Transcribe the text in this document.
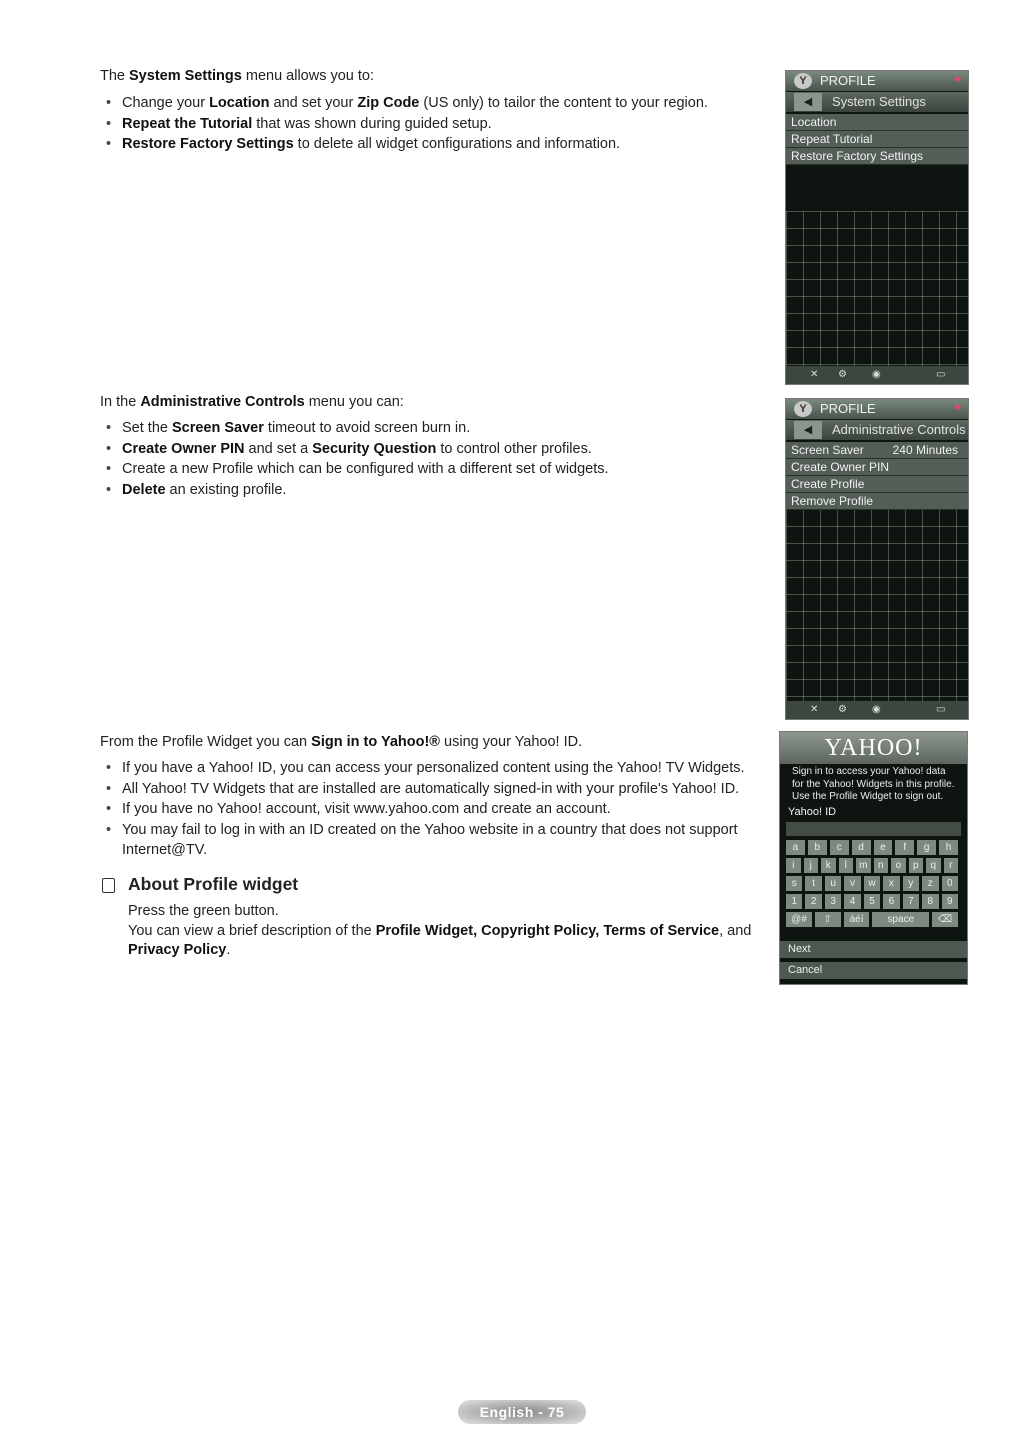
The System Settings menu allows you to:
• Change your Location and set your Zip Code (US only) to tailor the content to your region.
• Repeat the Tutorial that was shown during guided setup.
• Restore Factory Settings to delete all widget configurations and information.
PROFILE
Y	★
System Settings
◀
Location
Repeat Tutorial
Restore Factory Settings
✕ ⚙	◉	▭
In the Administrative Controls menu you can:
• Set the Screen Saver timeout to avoid screen burn in.
• Create Owner PIN and set a Security Question to control other profiles.
• Create a new Profile which can be configured with a different set of widgets.
• Delete an existing profile.
PROFILE
Y	★
Administrative Controls
◀
Screen Saver 240 Minutes
Create Owner PIN
Create Profile
Remove Profile
✕ ⚙	◉	▭
From the Profile Widget you can Sign in to Yahoo!® using your Yahoo! ID.
• If you have a Yahoo! ID, you can access your personalized content using the Yahoo! TV Widgets.
• All Yahoo! TV Widgets that are installed are automatically signed-in with your profile's Yahoo! ID.
• If you have no Yahoo! account, visit www.yahoo.com and create an account.
• You may fail to log in with an ID created on the Yahoo website in a country that does not support Internet@TV.
YAHOO!
Sign in to access your Yahoo! data for the Yahoo! Widgets in this profile. Use the Profile Widget to sign out.
Yahoo! ID
a	b	c	d	e	f	g	h
i	j	k	l	m	n	o	p	q	r
s	t	u	v	w	x	y	z	0
1	2	3	4	5	6	7	8	9
@#	⇧	áéí	space	⌫
Next
Cancel
About Profile widget
Press the green button.
You can view a brief description of the Profile Widget, Copyright Policy, Terms of Service, and
Privacy Policy.
English - 75
